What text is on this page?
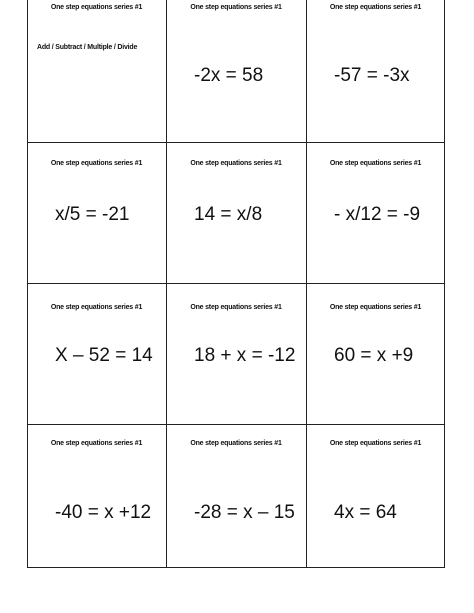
One step equations series #1
Add / Subtract / Multiple / Divide
One step equations series #1
-2x = 58
One step equations series #1
-57 = -3x
One step equations series #1
x/5 = -21
One step equations series #1
14 = x/8
One step equations series #1
- x/12 = -9
One step equations series #1
X – 52 = 14
One step equations series #1
18 + x = -12
One step equations series #1
60 = x +9
One step equations series #1
-40 = x +12
One step equations series #1
-28 = x – 15
One step equations series #1
4x = 64
